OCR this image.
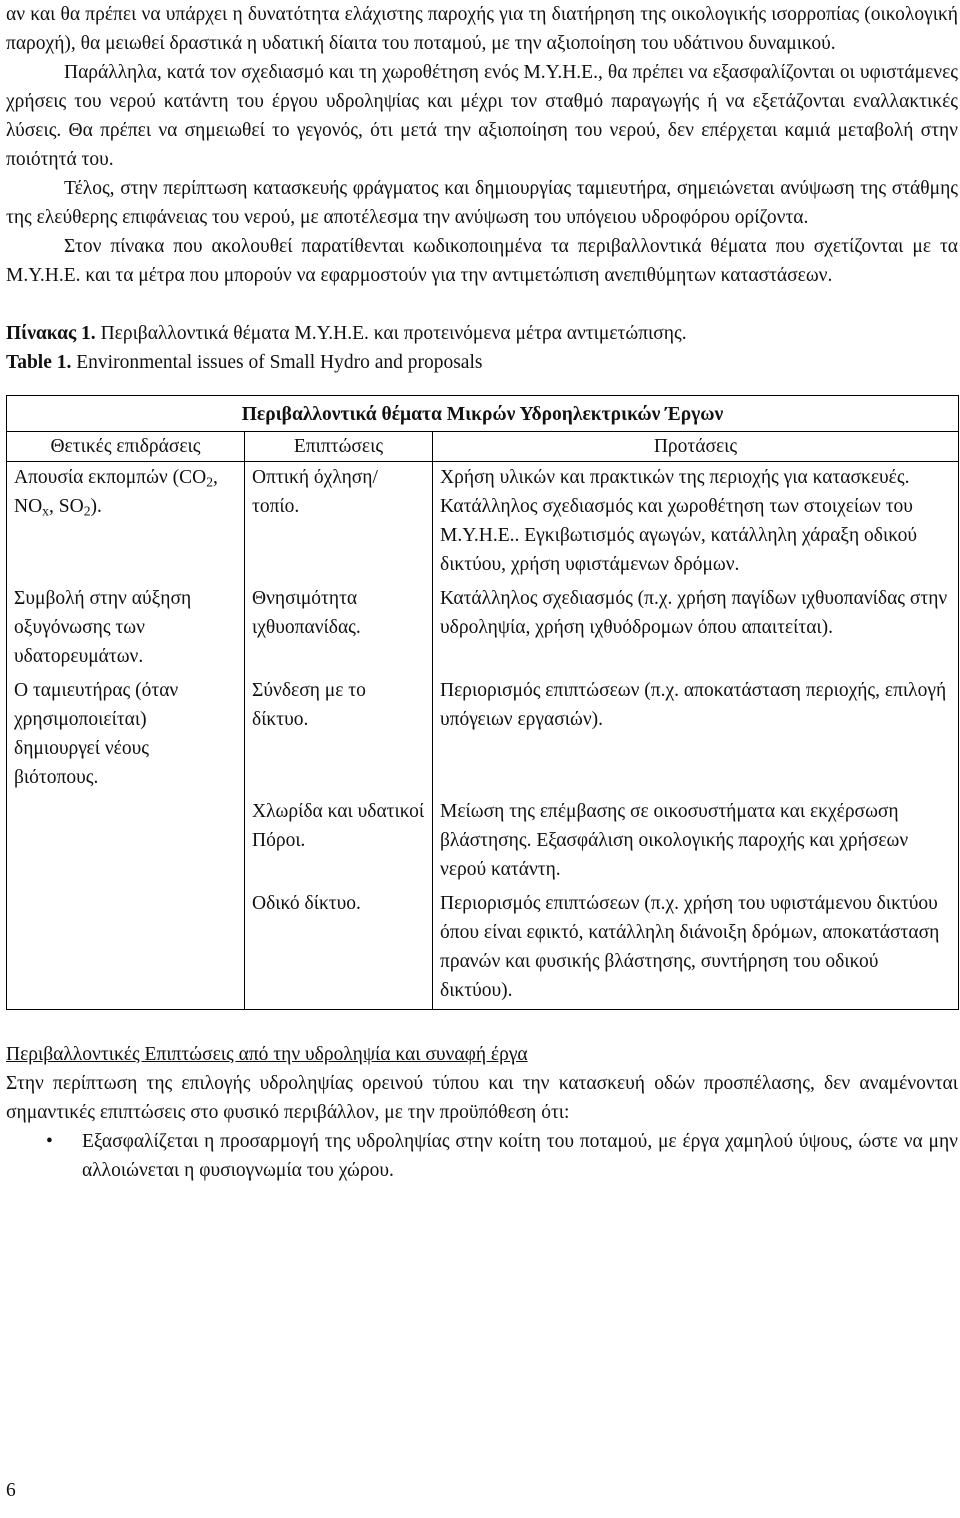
αν και θα πρέπει να υπάρχει η δυνατότητα ελάχιστης παροχής για τη διατήρηση της οικολογικής ισορροπίας (οικολογική παροχή), θα μειωθεί δραστικά η υδατική δίαιτα του ποταμού, με την αξιοποίηση του υδάτινου δυναμικού.

Παράλληλα, κατά τον σχεδιασμό και τη χωροθέτηση ενός Μ.Υ.Η.Ε., θα πρέπει να εξασφαλίζονται οι υφιστάμενες χρήσεις του νερού κατάντη του έργου υδροληψίας και μέχρι τον σταθμό παραγωγής ή να εξετάζονται εναλλακτικές λύσεις. Θα πρέπει να σημειωθεί το γεγονός, ότι μετά την αξιοποίηση του νερού, δεν επέρχεται καμιά μεταβολή στην ποιότητά του.

Τέλος, στην περίπτωση κατασκευής φράγματος και δημιουργίας ταμιευτήρα, σημειώνεται ανύψωση της στάθμης της ελεύθερης επιφάνειας του νερού, με αποτέλεσμα την ανύψωση του υπόγειου υδροφόρου ορίζοντα.

Στον πίνακα που ακολουθεί παρατίθενται κωδικοποιημένα τα περιβαλλοντικά θέματα που σχετίζονται με τα Μ.Υ.Η.Ε. και τα μέτρα που μπορούν να εφαρμοστούν για την αντιμετώπιση ανεπιθύμητων καταστάσεων.

Πίνακας 1. Περιβαλλοντικά θέματα Μ.Υ.Η.Ε. και προτεινόμενα μέτρα αντιμετώπισης.
Table 1. Environmental issues of Small Hydro and proposals
Περιβαλλοντικά θέματα Μικρών Υδροηλεκτρικών Έργων		
Θετικές επιδράσεις	Επιπτώσεις	Προτάσεις

Απουσία εκπομπών ($CO_2$, $NO_x$, $SO_2$).	Οπτική όχληση/τοπίο.	Χρήση υλικών και πρακτικών της περιοχής για κατασκευές. Κατάλληλος σχεδιασμός και χωροθέτηση των στοιχείων του Μ.Υ.Η.Ε.. Εγκιβωτισμός αγωγών, κατάλληλη χάραξη οδικού δικτύου, χρήση υφιστάμενων δρόμων.

Συμβολή στην αύξηση οξυγόνωσης των υδατορευμάτων.	Θνησιμότητα ιχθυοπανίδας.	Κατάλληλος σχεδιασμός (π.χ. χρήση παγίδων ιχθυοπανίδας στην υδροληψία, χρήση ιχθυόδρομων όπου απαιτείται).

Ο ταμιευτήρας (όταν χρησιμοποιείται) δημιουργεί νέους βιότοπους.	Σύνδεση με το δίκτυο.	Περιορισμός επιπτώσεων (π.χ. αποκατάσταση περιοχής, επιλογή υπόγειων εργασιών).

	Χλωρίδα και υδατικοί Πόροι.	Μείωση της επέμβασης σε οικοσυστήματα και εκχέρσωση βλάστησης. Εξασφάλιση οικολογικής παροχής και χρήσεων νερού κατάντη.

	Οδικό δίκτυο.	Περιορισμός επιπτώσεων (π.χ. χρήση του υφιστάμενου δικτύου όπου είναι εφικτό, κατάλληλη διάνοιξη δρόμων, αποκατάσταση πρανών και φυσικής βλάστησης, συντήρηση του οδικού δικτύου).
Περιβαλλοντικές Επιπτώσεις από την υδροληψία και συναφή έργα

Στην περίπτωση της επιλογής υδροληψίας ορεινού τύπου και την κατασκευή οδών προσπέλασης, δεν αναμένονται σημαντικές επιπτώσεις στο φυσικό περιβάλλον, με την προϋπόθεση ότι:

• Εξασφαλίζεται η προσαρμογή της υδροληψίας στην κοίτη του ποταμού, με έργα χαμηλού ύψους, ώστε να μην αλλοιώνεται η φυσιογνωμία του χώρου.
6
